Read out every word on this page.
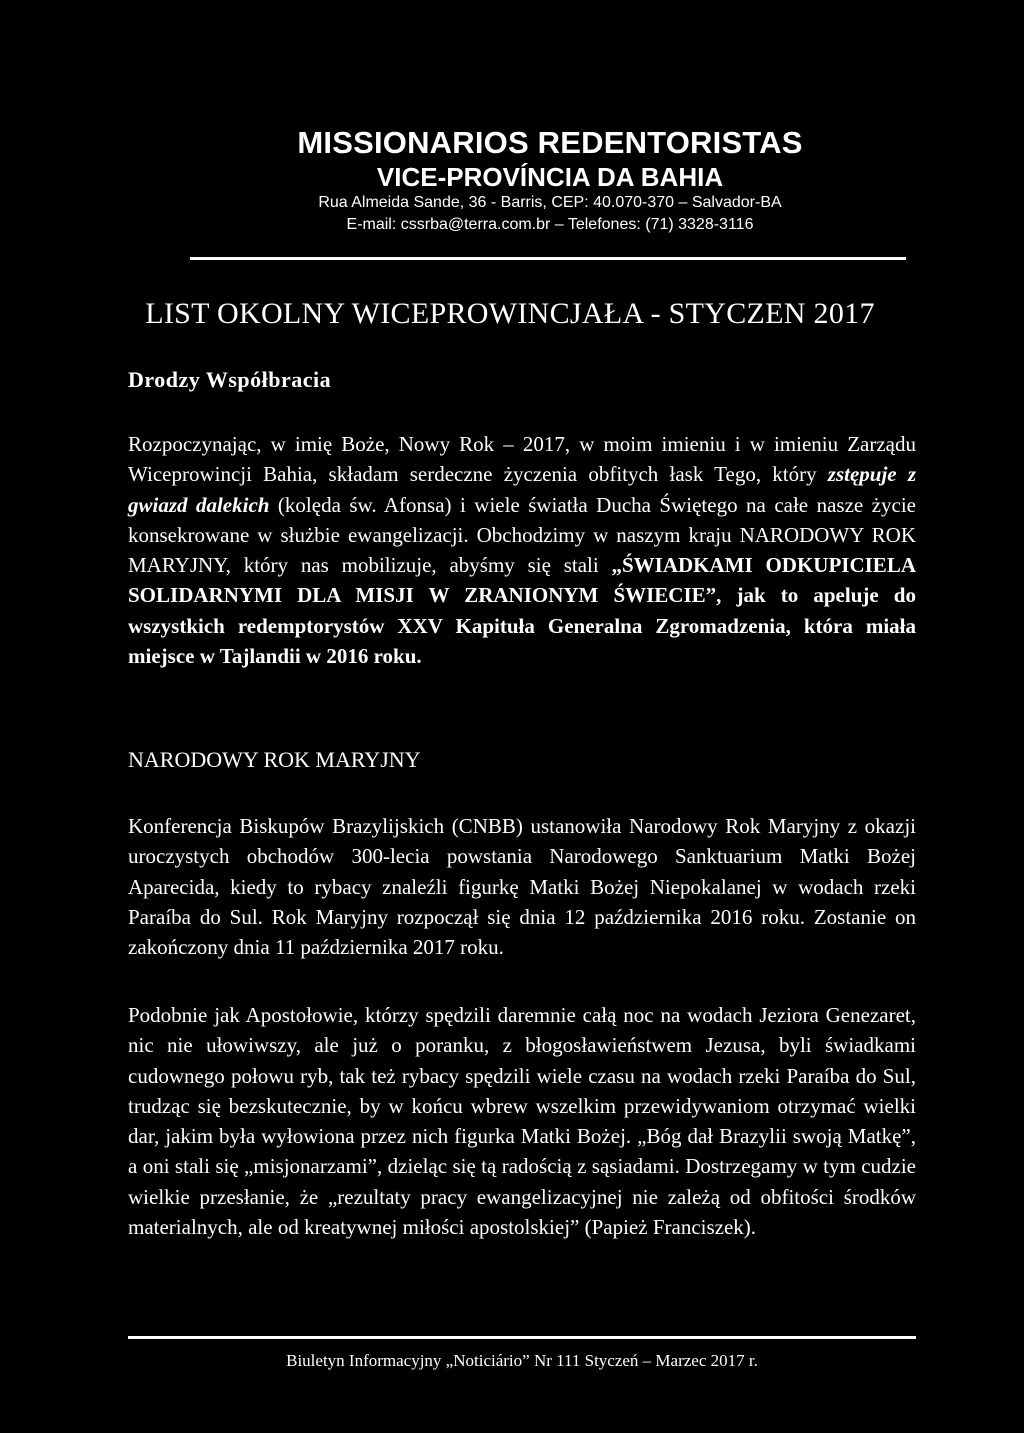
MISSIONARIOS REDENTORISTAS
VICE-PROVÍNCIA DA BAHIA
Rua Almeida Sande, 36 - Barris, CEP: 40.070-370 – Salvador-BA
E-mail: cssrba@terra.com.br – Telefones: (71) 3328-3116
LIST OKOLNY WICEPROWINCJAŁA - STYCZEN 2017
Drodzy Współbracia

Rozpoczynając, w imię Boże, Nowy Rok – 2017, w moim imieniu i w imieniu Zarządu Wiceprowincji Bahia, składam serdeczne życzenia obfitych łask Tego, który zstępuje z gwiazd dalekich (kolęda św. Afonsa) i wiele światła Ducha Świętego na całe nasze życie konsekrowane w służbie ewangelizacji. Obchodzimy w naszym kraju NARODOWY ROK MARYJNY, który nas mobilizuje, abyśmy się stali „ŚWIADKAMI ODKUPICIELA SOLIDARNYMI DLA MISJI W ZRANIONYM ŚWIECIE”, jak to apeluje do wszystkich redemptorystów XXV Kapituła Generalna Zgromadzenia, która miała miejsce w Tajlandii w 2016 roku.

NARODOWY ROK MARYJNY

Konferencja Biskupów Brazylijskich (CNBB) ustanowiła Narodowy Rok Maryjny z okazji uroczystych obchodów 300-lecia powstania Narodowego Sanktuarium Matki Bożej Aparecida, kiedy to rybacy znaleźli figurkę Matki Bożej Niepokalanej w wodach rzeki Paraíba do Sul. Rok Maryjny rozpoczął się dnia 12 października 2016 roku. Zostanie on zakończony dnia 11 października 2017 roku.

Podobnie jak Apostołowie, którzy spędzili daremnie całą noc na wodach Jeziora Genezaret, nic nie ułowiwszy, ale już o poranku, z błogosławieństwem Jezusa, byli świadkami cudownego połowu ryb, tak też rybacy spędzili wiele czasu na wodach rzeki Paraíba do Sul, trudząc się bezskutecznie, by w końcu wbrew wszelkim przewidywaniom otrzymać wielki dar, jakim była wyłowiona przez nich figurka Matki Bożej. „Bóg dał Brazylii swoją Matkę”, a oni stali się „misjonarzami”, dzieląc się tą radością z sąsiadami. Dostrzegamy w tym cudzie wielkie przesłanie, że „rezultaty pracy ewangelizacyjnej nie zależą od obfitości środków materialnych, ale od kreatywnej miłości apostolskiej” (Papież Franciszek).

Biuletyn Informacyjny „Noticiário” Nr 111 Styczeń – Marzec 2017 r.
